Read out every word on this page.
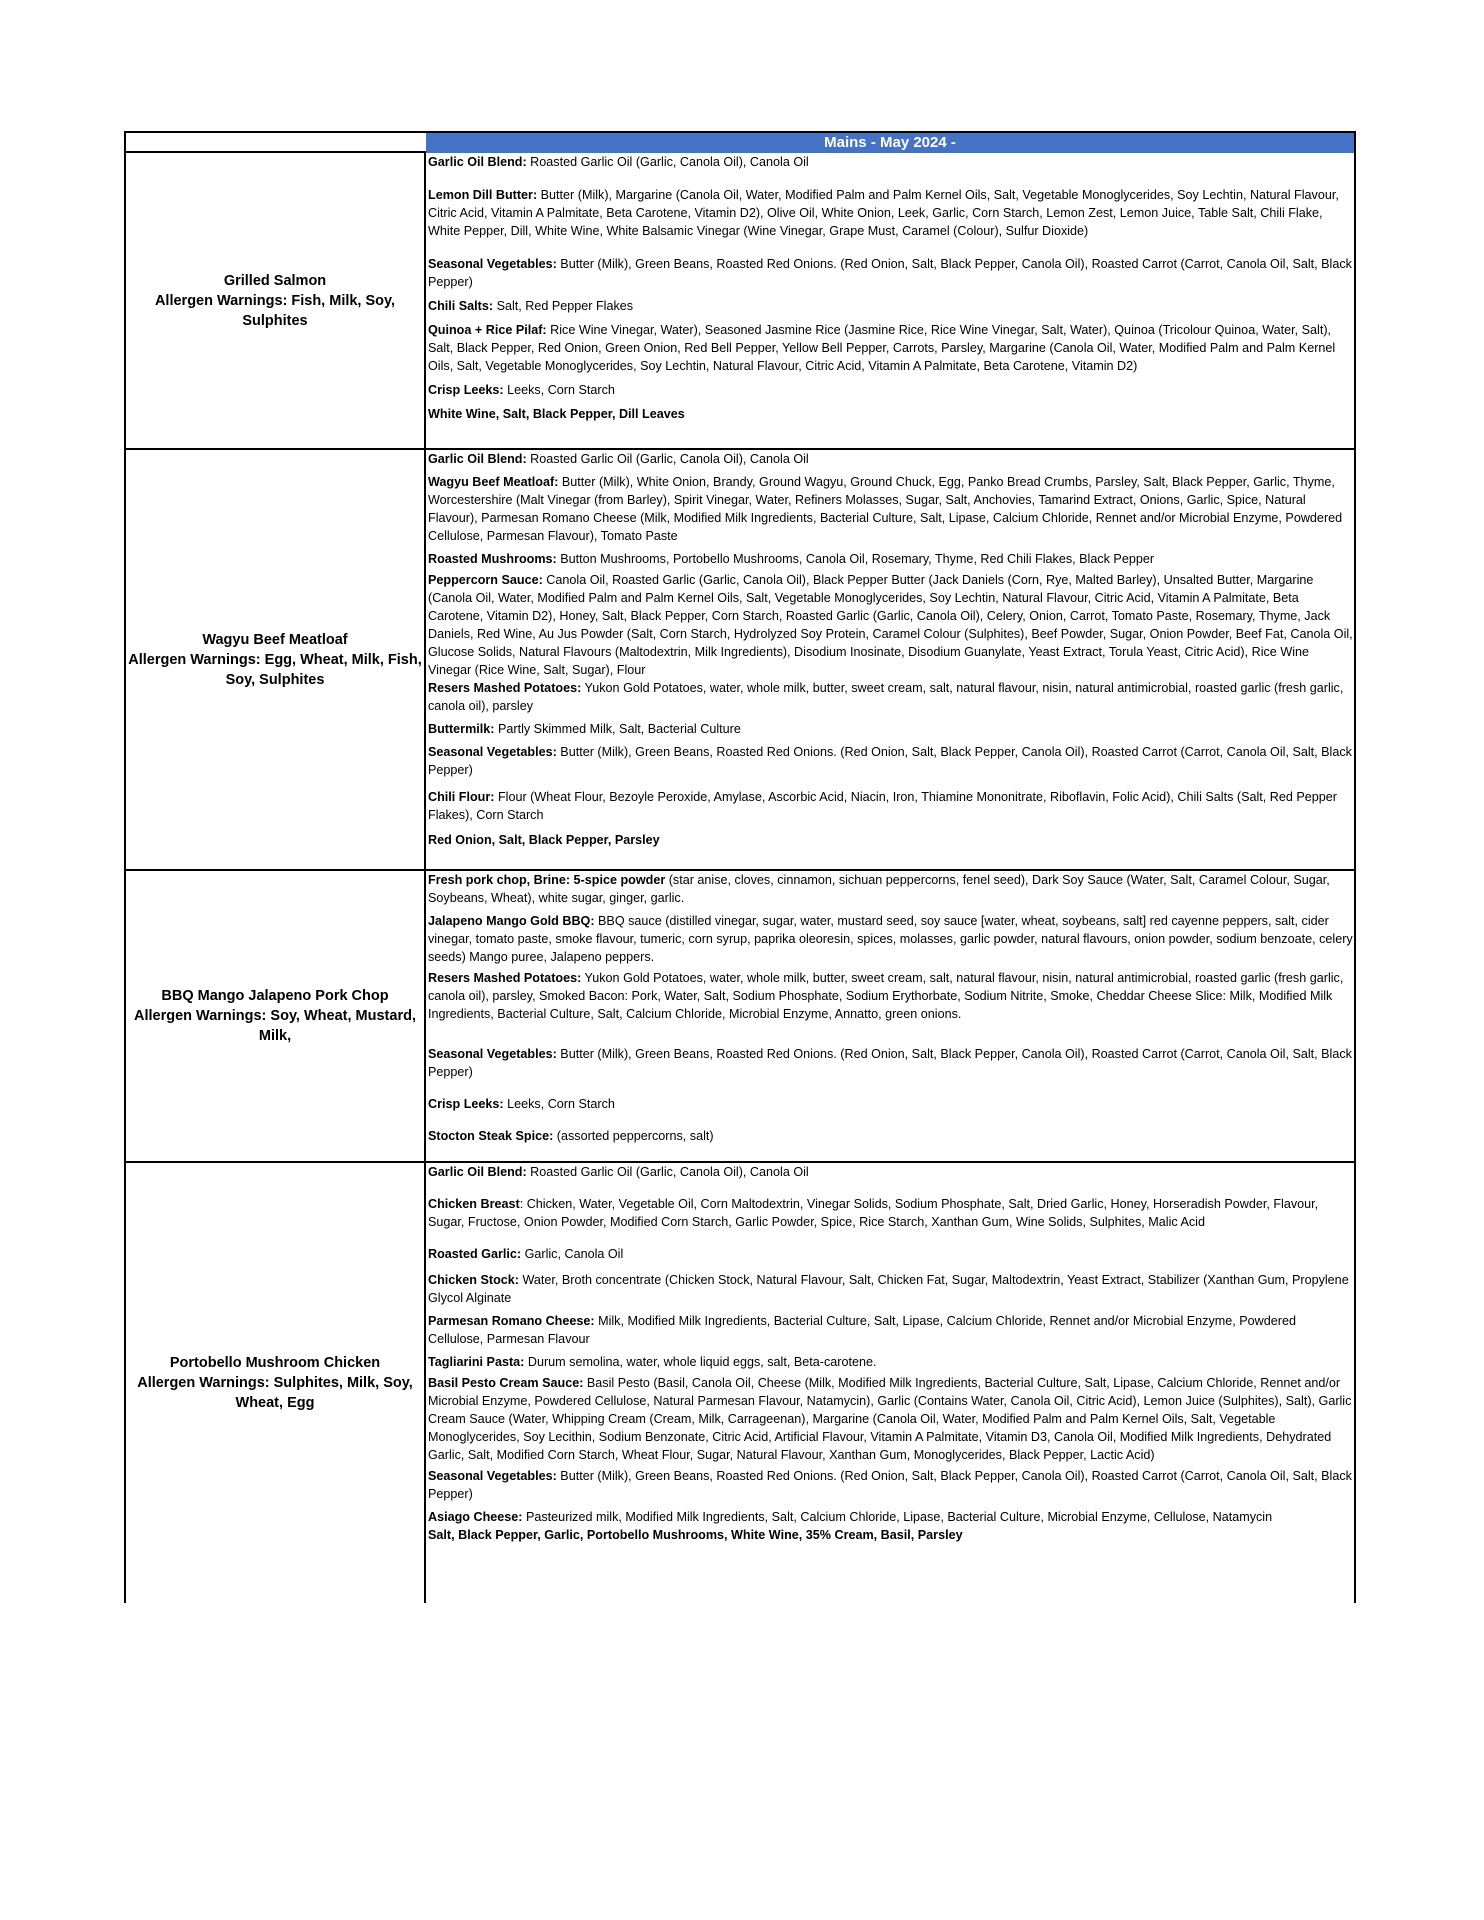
Mains - May 2024 -
Grilled Salmon
Allergen Warnings: Fish, Milk, Soy, Sulphites

Garlic Oil Blend: Roasted Garlic Oil (Garlic, Canola Oil), Canola Oil

Lemon Dill Butter: Butter (Milk), Margarine (Canola Oil, Water, Modified Palm and Palm Kernel Oils, Salt, Vegetable Monoglycerides, Soy Lechtin, Natural Flavour, Citric Acid, Vitamin A Palmitate, Beta Carotene, Vitamin D2), Olive Oil, White Onion, Leek, Garlic, Corn Starch, Lemon Zest, Lemon Juice, Table Salt, Chili Flake, White Pepper, Dill, White Wine, White Balsamic Vinegar (Wine Vinegar, Grape Must, Caramel (Colour), Sulfur Dioxide)

Seasonal Vegetables: Butter (Milk), Green Beans, Roasted Red Onions. (Red Onion, Salt, Black Pepper, Canola Oil), Roasted Carrot (Carrot, Canola Oil, Salt, Black Pepper)

Chili Salts: Salt, Red Pepper Flakes

Quinoa + Rice Pilaf: Rice Wine Vinegar, Water), Seasoned Jasmine Rice (Jasmine Rice, Rice Wine Vinegar, Salt, Water), Quinoa (Tricolour Quinoa, Water, Salt), Salt, Black Pepper, Red Onion, Green Onion, Red Bell Pepper, Yellow Bell Pepper, Carrots, Parsley, Margarine (Canola Oil, Water, Modified Palm and Palm Kernel Oils, Salt, Vegetable Monoglycerides, Soy Lechtin, Natural Flavour, Citric Acid, Vitamin A Palmitate, Beta Carotene, Vitamin D2)

Crisp Leeks: Leeks, Corn Starch

White Wine, Salt, Black Pepper, Dill Leaves

Wagyu Beef Meatloaf
Allergen Warnings: Egg, Wheat, Milk, Fish, Soy, Sulphites

Garlic Oil Blend: Roasted Garlic Oil (Garlic, Canola Oil), Canola Oil

Wagyu Beef Meatloaf: Butter (Milk), White Onion, Brandy, Ground Wagyu, Ground Chuck, Egg, Panko Bread Crumbs, Parsley, Salt, Black Pepper, Garlic, Thyme, Worcestershire (Malt Vinegar (from Barley), Spirit Vinegar, Water, Refiners Molasses, Sugar, Salt, Anchovies, Tamarind Extract, Onions, Garlic, Spice, Natural Flavour), Parmesan Romano Cheese (Milk, Modified Milk Ingredients, Bacterial Culture, Salt, Lipase, Calcium Chloride, Rennet and/or Microbial Enzyme, Powdered Cellulose, Parmesan Flavour), Tomato Paste

Roasted Mushrooms: Button Mushrooms, Portobello Mushrooms, Canola Oil, Rosemary, Thyme, Red Chili Flakes, Black Pepper

Peppercorn Sauce: Canola Oil, Roasted Garlic (Garlic, Canola Oil), Black Pepper Butter (Jack Daniels (Corn, Rye, Malted Barley), Unsalted Butter, Margarine (Canola Oil, Water, Modified Palm and Palm Kernel Oils, Salt, Vegetable Monoglycerides, Soy Lechtin, Natural Flavour, Citric Acid, Vitamin A Palmitate, Beta Carotene, Vitamin D2), Honey, Salt, Black Pepper, Corn Starch, Roasted Garlic (Garlic, Canola Oil), Celery, Onion, Carrot, Tomato Paste, Rosemary, Thyme, Jack Daniels, Red Wine, Au Jus Powder (Salt, Corn Starch, Hydrolyzed Soy Protein, Caramel Colour (Sulphites), Beef Powder, Sugar, Onion Powder, Beef Fat, Canola Oil, Glucose Solids, Natural Flavours (Maltodextrin, Milk Ingredients), Disodium Inosinate, Disodium Guanylate, Yeast Extract, Torula Yeast, Citric Acid), Rice Wine Vinegar (Rice Wine, Salt, Sugar), Flour

Resers Mashed Potatoes: Yukon Gold Potatoes, water, whole milk, butter, sweet cream, salt, natural flavour, nisin, natural antimicrobial, roasted garlic (fresh garlic, canola oil), parsley

Buttermilk: Partly Skimmed Milk, Salt, Bacterial Culture

Seasonal Vegetables: Butter (Milk), Green Beans, Roasted Red Onions. (Red Onion, Salt, Black Pepper, Canola Oil), Roasted Carrot (Carrot, Canola Oil, Salt, Black Pepper)

Chili Flour: Flour (Wheat Flour, Bezoyle Peroxide, Amylase, Ascorbic Acid, Niacin, Iron, Thiamine Mononitrate, Riboflavin, Folic Acid), Chili Salts (Salt, Red Pepper Flakes), Corn Starch

Red Onion, Salt, Black Pepper, Parsley

BBQ Mango Jalapeno Pork Chop
Allergen Warnings: Soy, Wheat, Mustard, Milk,

Fresh pork chop, Brine: 5-spice powder (star anise, cloves, cinnamon, sichuan peppercorns, fenel seed), Dark Soy Sauce (Water, Salt, Caramel Colour, Sugar, Soybeans, Wheat), white sugar, ginger, garlic.

Jalapeno Mango Gold BBQ: BBQ sauce (distilled vinegar, sugar, water, mustard seed, soy sauce [water, wheat, soybeans, salt] red cayenne peppers, salt, cider vinegar, tomato paste, smoke flavour, tumeric, corn syrup, paprika oleoresin, spices, molasses, garlic powder, natural flavours, onion powder, sodium benzoate, celery seeds) Mango puree, Jalapeno peppers.

Resers Mashed Potatoes: Yukon Gold Potatoes, water, whole milk, butter, sweet cream, salt, natural flavour, nisin, natural antimicrobial, roasted garlic (fresh garlic, canola oil), parsley, Smoked Bacon: Pork, Water, Salt, Sodium Phosphate, Sodium Erythorbate, Sodium Nitrite, Smoke, Cheddar Cheese Slice: Milk, Modified Milk Ingredients, Bacterial Culture, Salt, Calcium Chloride, Microbial Enzyme, Annatto, green onions.

Seasonal Vegetables: Butter (Milk), Green Beans, Roasted Red Onions. (Red Onion, Salt, Black Pepper, Canola Oil), Roasted Carrot (Carrot, Canola Oil, Salt, Black Pepper)

Crisp Leeks: Leeks, Corn Starch

Stocton Steak Spice: (assorted peppercorns, salt)

Portobello Mushroom Chicken
Allergen Warnings: Sulphites, Milk, Soy, Wheat, Egg

Garlic Oil Blend: Roasted Garlic Oil (Garlic, Canola Oil), Canola Oil

Chicken Breast: Chicken, Water, Vegetable Oil, Corn Maltodextrin, Vinegar Solids, Sodium Phosphate, Salt, Dried Garlic, Honey, Horseradish Powder, Flavour, Sugar, Fructose, Onion Powder, Modified Corn Starch, Garlic Powder, Spice, Rice Starch, Xanthan Gum, Wine Solids, Sulphites, Malic Acid

Roasted Garlic: Garlic, Canola Oil

Chicken Stock: Water, Broth concentrate (Chicken Stock, Natural Flavour, Salt, Chicken Fat, Sugar, Maltodextrin, Yeast Extract, Stabilizer (Xanthan Gum, Propylene Glycol Alginate

Parmesan Romano Cheese: Milk, Modified Milk Ingredients, Bacterial Culture, Salt, Lipase, Calcium Chloride, Rennet and/or Microbial Enzyme, Powdered Cellulose, Parmesan Flavour

Tagliarini Pasta: Durum semolina, water, whole liquid eggs, salt, Beta-carotene.

Basil Pesto Cream Sauce: Basil Pesto (Basil, Canola Oil, Cheese (Milk, Modified Milk Ingredients, Bacterial Culture, Salt, Lipase, Calcium Chloride, Rennet and/or Microbial Enzyme, Powdered Cellulose, Natural Parmesan Flavour, Natamycin), Garlic (Contains Water, Canola Oil, Citric Acid), Lemon Juice (Sulphites), Salt), Garlic Cream Sauce (Water, Whipping Cream (Cream, Milk, Carrageenan), Margarine (Canola Oil, Water, Modified Palm and Palm Kernel Oils, Salt, Vegetable Monoglycerides, Soy Lecithin, Sodium Benzonate, Citric Acid, Artificial Flavour, Vitamin A Palmitate, Vitamin D3, Canola Oil, Modified Milk Ingredients, Dehydrated Garlic, Salt, Modified Corn Starch, Wheat Flour, Sugar, Natural Flavour, Xanthan Gum, Monoglycerides, Black Pepper, Lactic Acid)

Seasonal Vegetables: Butter (Milk), Green Beans, Roasted Red Onions. (Red Onion, Salt, Black Pepper, Canola Oil), Roasted Carrot (Carrot, Canola Oil, Salt, Black Pepper)

Asiago Cheese: Pasteurized milk, Modified Milk Ingredients, Salt, Calcium Chloride, Lipase, Bacterial Culture, Microbial Enzyme, Cellulose, Natamycin

Salt, Black Pepper, Garlic, Portobello Mushrooms, White Wine, 35% Cream, Basil, Parsley
